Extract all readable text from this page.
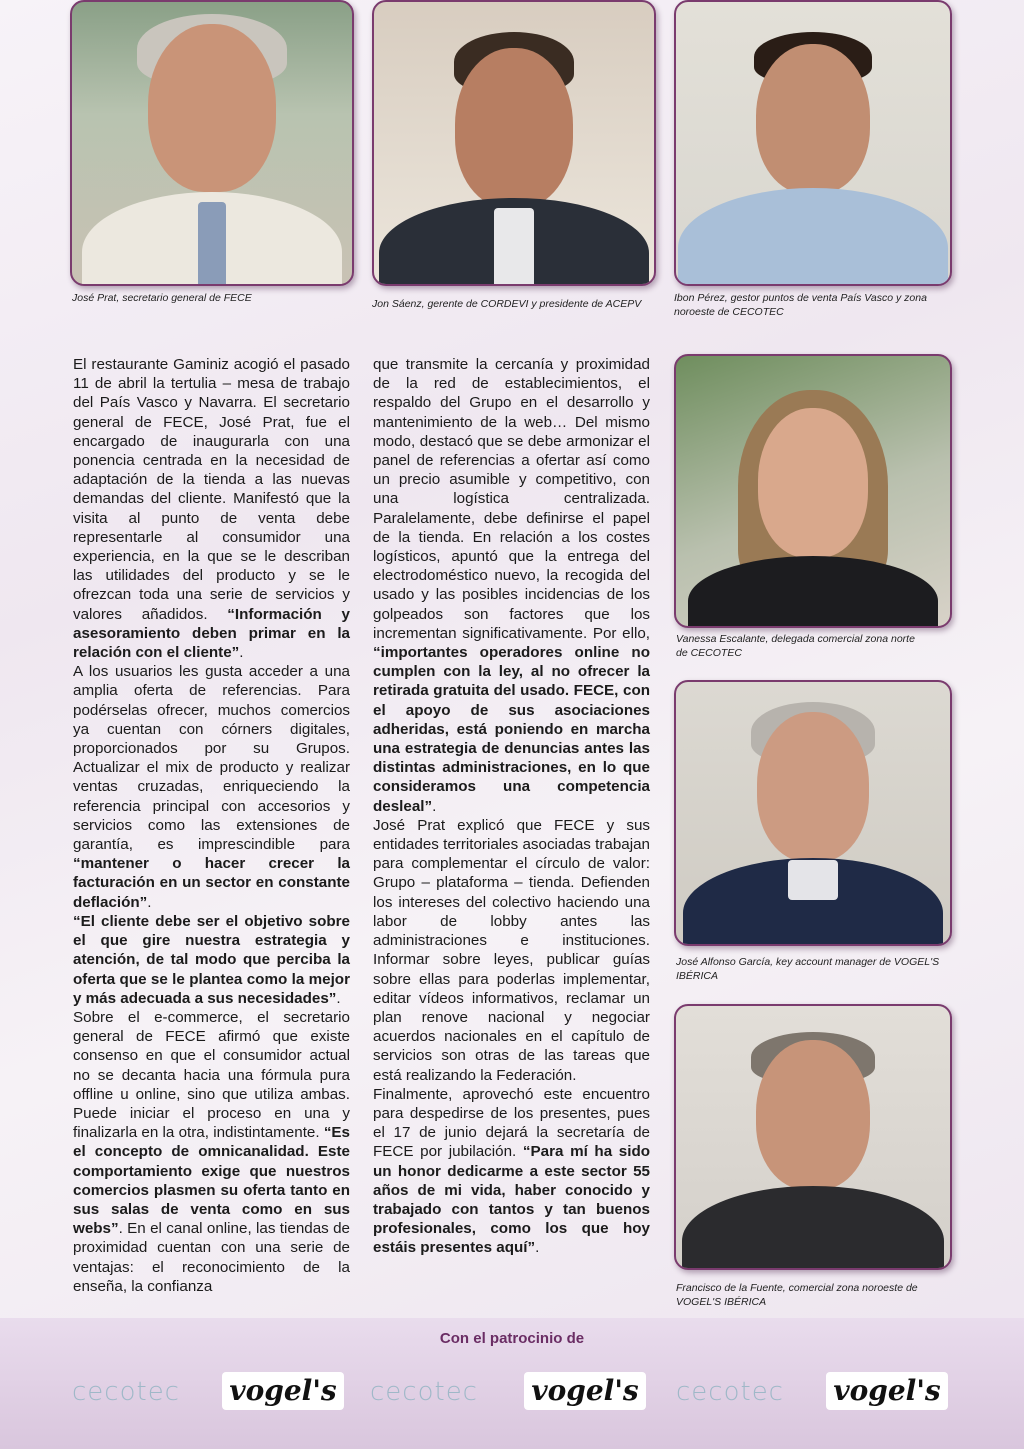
José Prat, secretario general de FECE	Jon Sáenz, gerente de CORDEVI y presidente de ACEPV	Ibon Pérez, gestor puntos de venta País Vasco y zona noroeste de CECOTEC
Vanessa Escalante, delegada comercial zona norte de CECOTEC
José Alfonso García, key account manager de VOGEL'S IBÉRICA
Francisco de la Fuente, comercial zona noroeste de VOGEL'S IBÉRICA

El restaurante Gaminiz acogió el pasado 11 de abril la tertulia – mesa de trabajo del País Vasco y Navarra. El secretario general de FECE, José Prat, fue el encargado de inaugurarla con una ponencia centrada en la necesidad de adaptación de la tienda a las nuevas demandas del cliente. Manifestó que la visita al punto de venta debe representarle al consumidor una experiencia, en la que se le describan las utilidades del producto y se le ofrezcan toda una serie de servicios y valores añadidos. “Información y asesoramiento deben primar en la relación con el cliente”.

A los usuarios les gusta acceder a una amplia oferta de referencias. Para podérselas ofrecer, muchos comercios ya cuentan con córners digitales, proporcionados por su Grupos. Actualizar el mix de producto y realizar ventas cruzadas, enriqueciendo la referencia principal con accesorios y servicios como las extensiones de garantía, es imprescindible para “mantener o hacer crecer la facturación en un sector en constante deflación”.

“El cliente debe ser el objetivo sobre el que gire nuestra estrategia y atención, de tal modo que perciba la oferta que se le plantea como la mejor y más adecuada a sus necesidades”.

Sobre el e-commerce, el secretario general de FECE afirmó que existe consenso en que el consumidor actual no se decanta hacia una fórmula pura offline u online, sino que utiliza ambas. Puede iniciar el proceso en una y finalizarla en la otra, indistintamente. “Es el concepto de omnicanalidad. Este comportamiento exige que nuestros comercios plasmen su oferta tanto en sus salas de venta como en sus webs”. En el canal online, las tiendas de proximidad cuentan con una serie de ventajas: el reconocimiento de la enseña, la confianza

que transmite la cercanía y proximidad de la red de establecimientos, el respaldo del Grupo en el desarrollo y mantenimiento de la web… Del mismo modo, destacó que se debe armonizar el panel de referencias a ofertar así como un precio asumible y competitivo, con una logística centralizada. Paralelamente, debe definirse el papel de la tienda. En relación a los costes logísticos, apuntó que la entrega del electrodoméstico nuevo, la recogida del usado y las posibles incidencias de los golpeados son factores que los incrementan significativamente. Por ello, “importantes operadores online no cumplen con la ley, al no ofrecer la retirada gratuita del usado. FECE, con el apoyo de sus asociaciones adheridas, está poniendo en marcha una estrategia de denuncias antes las distintas administraciones, en lo que consideramos una competencia desleal”.

José Prat explicó que FECE y sus entidades territoriales asociadas trabajan para complementar el círculo de valor: Grupo – plataforma – tienda. Defienden los intereses del colectivo haciendo una labor de lobby antes las administraciones e instituciones. Informar sobre leyes, publicar guías sobre ellas para poderlas implementar, editar vídeos informativos, reclamar un plan renove nacional y negociar acuerdos nacionales en el capítulo de servicios son otras de las tareas que está realizando la Federación.

Finalmente, aprovechó este encuentro para despedirse de los presentes, pues el 17 de junio dejará la secretaría de FECE por jubilación. “Para mí ha sido un honor dedicarme a este sector 55 años de mi vida, haber conocido y trabajado con tantos y tan buenos profesionales, como los que hoy estáis presentes aquí”.

Con el patrocinio de
cecotec vogel's cecotec vogel's cecotec vogel's
